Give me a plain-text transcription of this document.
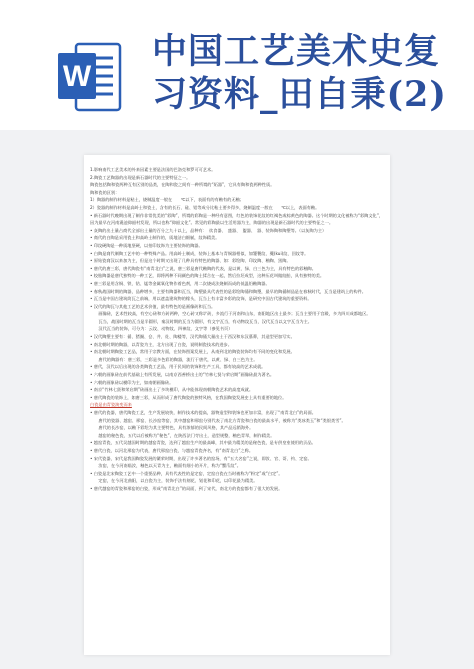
W
中国工艺美术史复习资料_田自秉(2)

1.影响南代工艺美术的外来因素主要是法国的巴洛克和罗可可艺术。

2.陶瓷工艺陶器的出现是新石器时代的主要特征之一。

陶瓷包括陶和瓷两种互有区别的品类，在陶和瓷之间有一种所谓的“炻器”，它具有陶和瓷两种性质。

陶和瓷的区别：

1）陶器的制作材料是粘土，烧制温度一般在　　℃以下，表面有的有釉有的无釉；

2）瓷器的制作材料是高岭土和瓷土，含有的长石、硅、铝等成分比粘土要多得多，烧制温度一般在　　℃以上，表面有釉。

• 新石器时代晚期出现了制作非常优美的“彩陶”，所谓的彩陶是一种经有意图，红色的装饰花纹的红褐色或棕黄色的陶器。这个时期的文化被称为“彩陶文化”，因为最早在河南渑池仰韶村发现，所以也称“仰韶文化”。常见的彩陶最以生活用器为主，陶器的出现是新石器时代的主要特征之一。

• 灰陶的出土量占商代全部出土量的百分之九十以上，品种有：　炊食器、　盛器、　盥器、　器、装饰陶和陶塑等。（以灰陶为主）

• 商代的白陶是采用瓷土和高岭土制作的，质地洁白细腻，纹饰精美。

• 印纹硬陶是一种质地坚硬，以拍印纹饰为主要装饰的陶器。

• 白陶是商代制陶工艺中的一种特殊产品。用高岭土制成，装饰上基本与青铜器相似，如饕餮纹、夔(kui)纹、回纹等。

• 原始瓷商汉以来加为主，但是这个时期又出现了几种具有特色的陶器、如：彩绘陶、印纹陶、釉陶、黑陶。

• 唐代的唐三彩，唐代陶瓷有“南青北白”之说，唐三彩是唐代釉陶的代表，是以黄、绿、白三色为主，具有特色的彩釉陶。

• 绞胎陶器是唐代独特的一种工艺，即将两种不同颜色的陶土揉合在一起，然后拉坯成型，这种压花叫做绞胎，具有独特的美。

• 唐三彩是用含铜、铁、钴、锰等金属氧化物作着色剂，用二次烧成法烧制而成的低温铅釉陶器。

• 春秋战国时期的陶器，品种增多，主要有陶器和瓦当，陶塑最具代表性的是彩绘陶俑和陶塑，最早的陶俑制品是在春秋时代，瓦当是建筑上的构件。

• 瓦当是中国古建筑筒瓦之前端，用以遮盖建筑物的椽头，瓦当上有丰富多彩的纹饰，是研究中国古代建筑的重要资料。

• 汉代的陶瓦与其他工艺的艺术价值，最有特色的是画像砖和瓦当。

　　画像砖，艺术性较高，有空心砖和方砖两种，空心砖又称圹砖，多流行于河南和山东，南阳地区出土最多；瓦当主要用于宫殿，多为四川成都地区。

　　瓦当，战国时期的瓦当是半圆形，秦汉时期的瓦当为圆形，有文字瓦当，有动物纹瓦当，汉代瓦当以文字瓦当为主。

　　汉代瓦当的装饰，可分为：云纹、动物纹、四神纹、文字等（参见书页）

• 汉代陶塑主要有：俑、猪圈、仓、井、灶、陶楼等，汉代陶俑大量出土于西汉和东汉墓葬，其造型更加写实。

• 南北朝时期的陶器，以青瓷为主，北方出现了白瓷，说明制瓷技术的进步。

• 南北朝时期陶瓷工艺品，常用于宗教方面，在装饰图案发展上，从南到北的陶瓷装饰均有不同的变化和发展。

　　唐代的陶器有：唐三彩，三彩是多色彩的陶器，流行于唐代，以黄、绿、白三色为主。

• 唐代，汉代以后出现的各类陶瓷工艺品，用于民间的装饰和生产工具，都有较高的艺术成就。

• 六朝的画象砖在前代基础上有所发展，以南京西善桥出土的“竹林七贤与荣启期”画像砖最为著名。

• 六朝的画象砖以模印为主，如南朝画像砖。

• 南京“竹林七贤和荣启期”砖画出土了多块模印，从中能体现南朝陶瓷艺术的高度成就。

• 唐代陶瓷的装饰上，如唐三彩，从而形成了唐代陶瓷的独特风格，在我国陶瓷发展史上具有重要的地位。

白瓷是由青瓷演变而来

• 唐代的瓷器，唐代陶瓷工艺，生产发展较快，制作技术的提高，器物造型和装饰也更加丰富，出现了“南青北白”的局面。

　　唐代的瓷器、越窑、邢窑、长沙窑等窑，其中越窑和邢窑分别代表了南北方青瓷和白瓷的最高水平，被称为“类冰类玉”和“类银类雪”。

　　唐代的长沙窑，以釉下彩绘为其主要特色，具有浓郁的民间风格，其产品远销海外。

　　越窑的秘色瓷，五代以后被称为“秘色”，在陕西法门寺出土，造型规整，釉色青翠，制作精美。

• 越窑青瓷，五代吴越国时期的越窑青瓷，达到了越窑生产的最高峰，其中最为精美的是秘色瓷，是专供皇室使用的贡品。

• 唐代白瓷，以河北邢窑为代表，唐代邢窑白瓷，与越窑青瓷齐名，有“南青北白”之称。

• 宋代瓷器，宋代是我国陶瓷发展的繁荣时期，出现了许多著名的窑场，有“五大名窑”之说，即汝、官、哥、钧、定窑。

　　汝窑，在今河南临汝，釉色以天青为主，釉面有细小的开片，称为“蟹爪纹”。

• 白瓷是北宋陶瓷工艺中一个重要品种，具有代表性的是定窑，定窑白瓷在当时被称为“粉定”或“白定”。

　　定窑，在今河北曲阳，以白瓷为主，装饰手法有刻花、划花和印花，以印花最为精美。

• 唐代越窑的青瓷和邢窑的白瓷，形成“南青北白”的局面，到了宋代，南北方的瓷窑都有了很大的发展。
